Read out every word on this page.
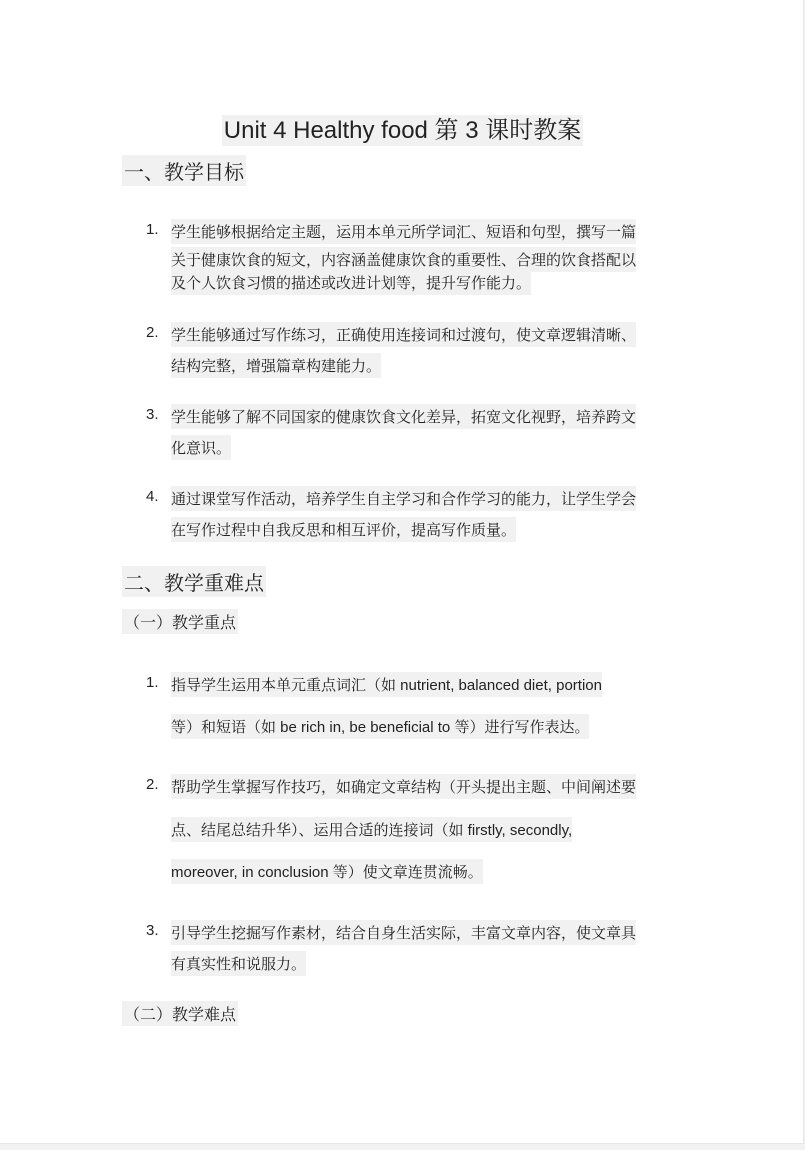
Unit 4 Healthy food 第 3 课时教案
一、教学目标
1. 学生能够根据给定主题，运用本单元所学词汇、短语和句型，撰写一篇
关于健康饮食的短文，内容涵盖健康饮食的重要性、合理的饮食搭配以
及个人饮食习惯的描述或改进计划等，提升写作能力。
2. 学生能够通过写作练习，正确使用连接词和过渡句，使文章逻辑清晰、
结构完整，增强篇章构建能力。
3. 学生能够了解不同国家的健康饮食文化差异，拓宽文化视野，培养跨文
化意识。
4. 通过课堂写作活动，培养学生自主学习和合作学习的能力，让学生学会
在写作过程中自我反思和相互评价，提高写作质量。
二、教学重难点
（一）教学重点
1. 指导学生运用本单元重点词汇（如 nutrient, balanced diet, portion
等）和短语（如 be rich in, be beneficial to 等）进行写作表达。
2. 帮助学生掌握写作技巧，如确定文章结构（开头提出主题、中间阐述要
点、结尾总结升华）、运用合适的连接词（如 firstly, secondly,
moreover, in conclusion 等）使文章连贯流畅。
3. 引导学生挖掘写作素材，结合自身生活实际，丰富文章内容，使文章具
有真实性和说服力。
（二）教学难点
